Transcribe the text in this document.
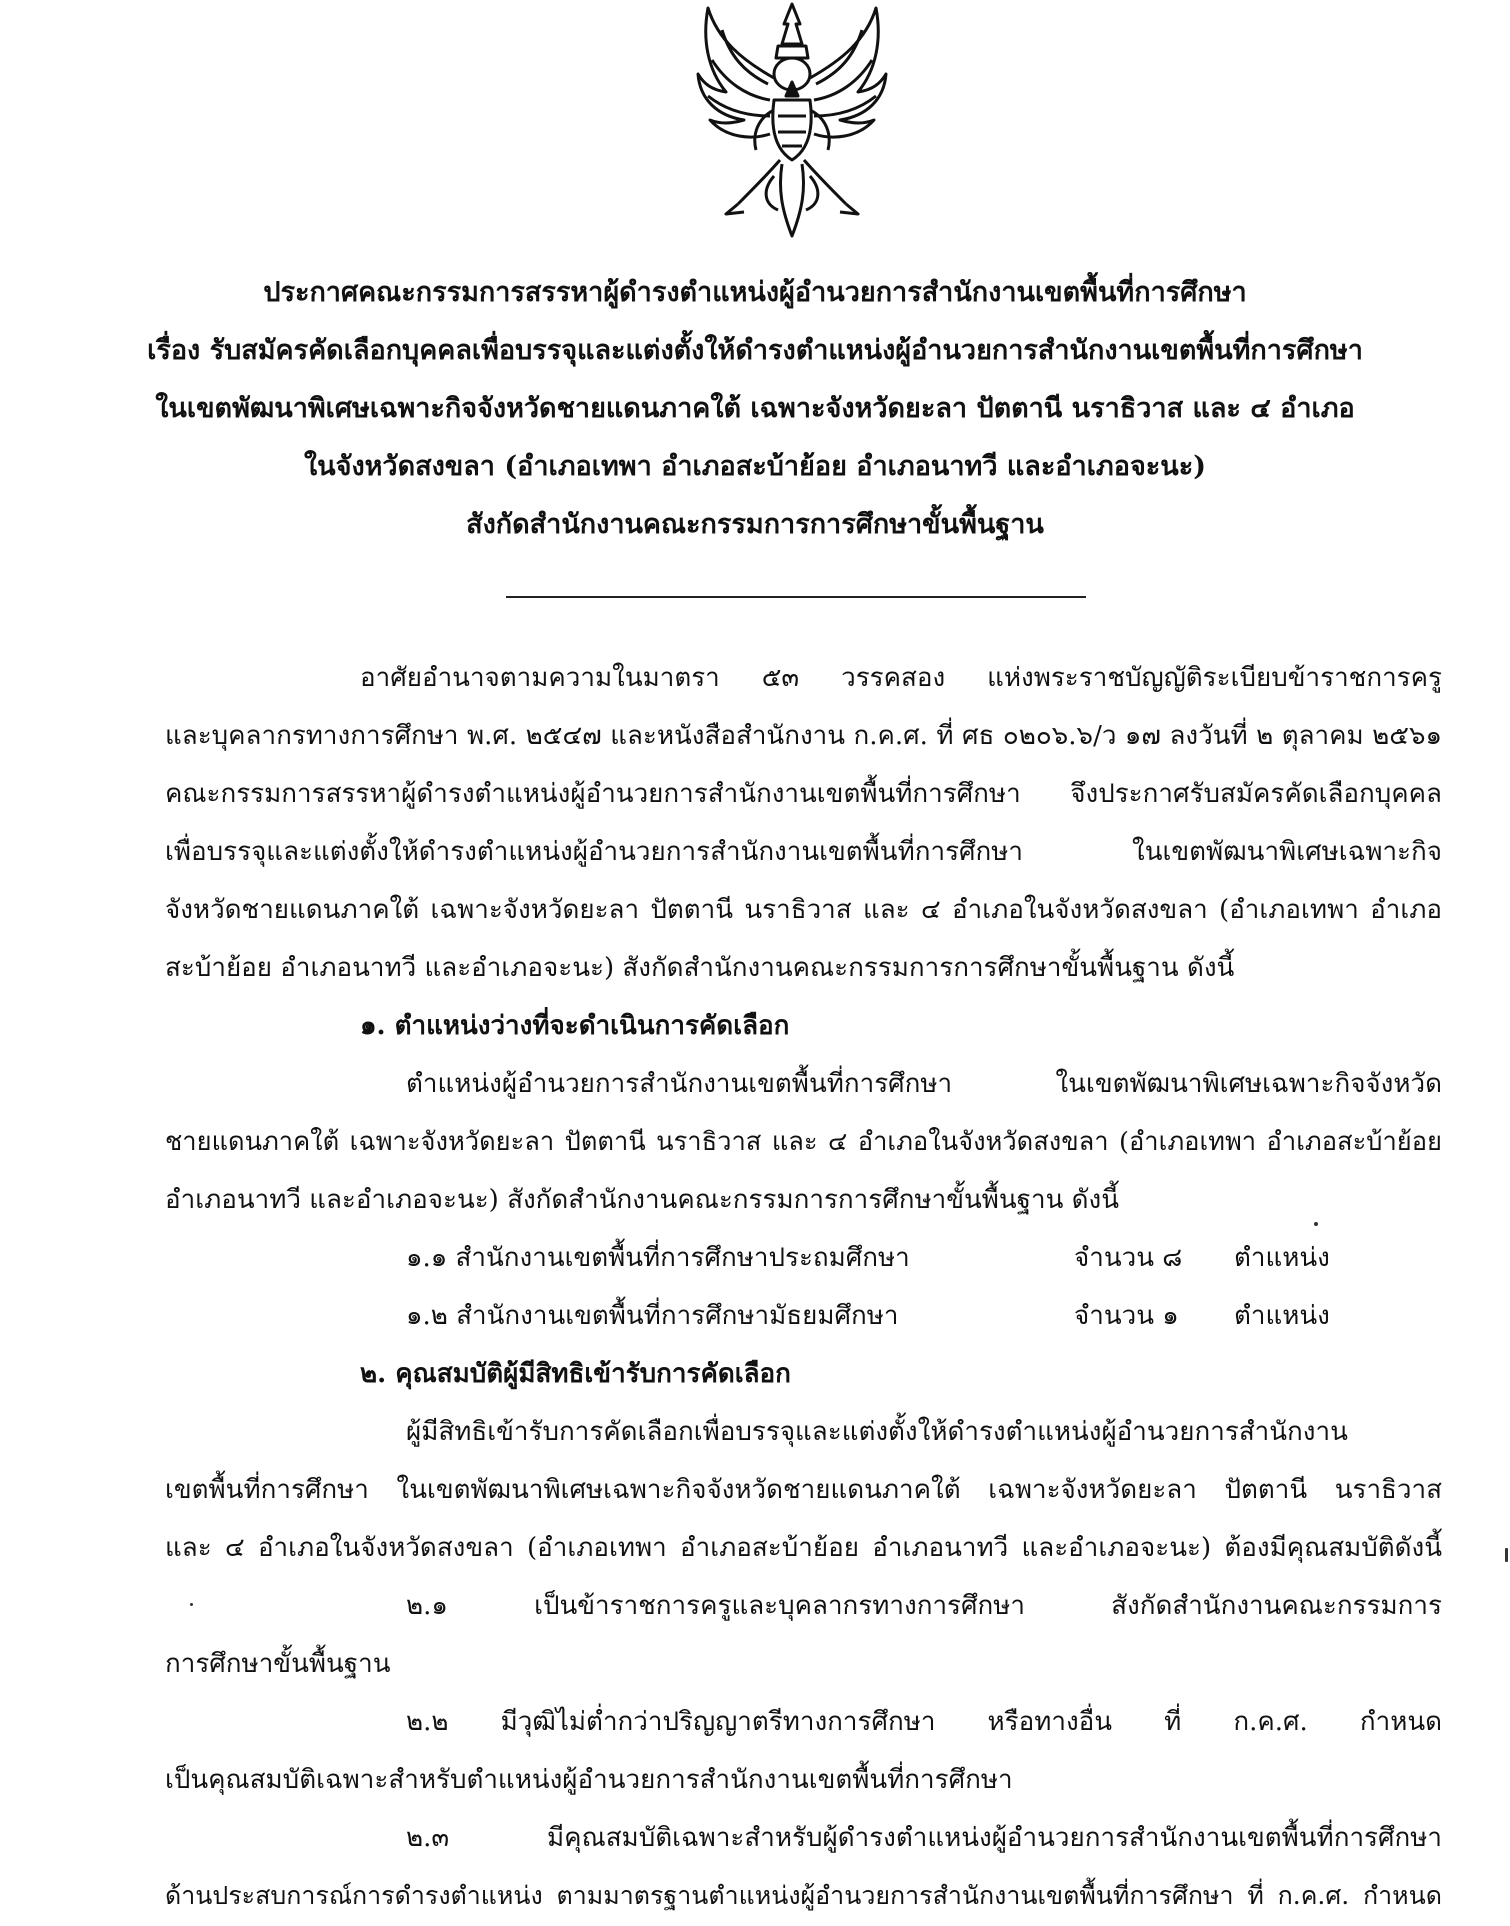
ประกาศคณะกรรมการสรรหาผู้ดำรงตำแหน่งผู้อำนวยการสำนักงานเขตพื้นที่การศึกษา
เรื่อง รับสมัครคัดเลือกบุคคลเพื่อบรรจุและแต่งตั้งให้ดำรงตำแหน่งผู้อำนวยการสำนักงานเขตพื้นที่การศึกษา
ในเขตพัฒนาพิเศษเฉพาะกิจจังหวัดชายแดนภาคใต้ เฉพาะจังหวัดยะลา ปัตตานี นราธิวาส และ ๔ อำเภอ
ในจังหวัดสงขลา (อำเภอเทพา อำเภอสะบ้าย้อย อำเภอนาทวี และอำเภอจะนะ)
สังกัดสำนักงานคณะกรรมการการศึกษาขั้นพื้นฐาน
อาศัยอำนาจตามความในมาตรา ๕๓ วรรคสอง แห่งพระราชบัญญัติระเบียบข้าราชการครู
และบุคลากรทางการศึกษา พ.ศ. ๒๕๔๗ และหนังสือสำนักงาน ก.ค.ศ. ที่ ศธ ๐๒๐๖.๖/ว ๑๗ ลงวันที่ ๒ ตุลาคม ๒๕๖๑
คณะกรรมการสรรหาผู้ดำรงตำแหน่งผู้อำนวยการสำนักงานเขตพื้นที่การศึกษา จึงประกาศรับสมัครคัดเลือกบุคคล
เพื่อบรรจุและแต่งตั้งให้ดำรงตำแหน่งผู้อำนวยการสำนักงานเขตพื้นที่การศึกษา ในเขตพัฒนาพิเศษเฉพาะกิจ
จังหวัดชายแดนภาคใต้ เฉพาะจังหวัดยะลา ปัตตานี นราธิวาส และ ๔ อำเภอในจังหวัดสงขลา (อำเภอเทพา อำเภอ
สะบ้าย้อย อำเภอนาทวี และอำเภอจะนะ) สังกัดสำนักงานคณะกรรมการการศึกษาขั้นพื้นฐาน ดังนี้
๑. ตำแหน่งว่างที่จะดำเนินการคัดเลือก
ตำแหน่งผู้อำนวยการสำนักงานเขตพื้นที่การศึกษา ในเขตพัฒนาพิเศษเฉพาะกิจจังหวัด
ชายแดนภาคใต้ เฉพาะจังหวัดยะลา ปัตตานี นราธิวาส และ ๔ อำเภอในจังหวัดสงขลา (อำเภอเทพา อำเภอสะบ้าย้อย
อำเภอนาทวี และอำเภอจะนะ) สังกัดสำนักงานคณะกรรมการการศึกษาขั้นพื้นฐาน ดังนี้
๑.๑ สำนักงานเขตพื้นที่การศึกษาประถมศึกษา	จำนวน ๘ ตำแหน่ง
๑.๒ สำนักงานเขตพื้นที่การศึกษามัธยมศึกษา	จำนวน ๑ ตำแหน่ง
๒. คุณสมบัติผู้มีสิทธิเข้ารับการคัดเลือก
ผู้มีสิทธิเข้ารับการคัดเลือกเพื่อบรรจุและแต่งตั้งให้ดำรงตำแหน่งผู้อำนวยการสำนักงาน
เขตพื้นที่การศึกษา ในเขตพัฒนาพิเศษเฉพาะกิจจังหวัดชายแดนภาคใต้ เฉพาะจังหวัดยะลา ปัตตานี นราธิวาส
และ ๔ อำเภอในจังหวัดสงขลา (อำเภอเทพา อำเภอสะบ้าย้อย อำเภอนาทวี และอำเภอจะนะ) ต้องมีคุณสมบัติดังนี้
๒.๑ เป็นข้าราชการครูและบุคลากรทางการศึกษา สังกัดสำนักงานคณะกรรมการ
การศึกษาขั้นพื้นฐาน
๒.๒ มีวุฒิไม่ต่ำกว่าปริญญาตรีทางการศึกษา หรือทางอื่น ที่ ก.ค.ศ. กำหนด
เป็นคุณสมบัติเฉพาะสำหรับตำแหน่งผู้อำนวยการสำนักงานเขตพื้นที่การศึกษา
๒.๓ มีคุณสมบัติเฉพาะสำหรับผู้ดำรงตำแหน่งผู้อำนวยการสำนักงานเขตพื้นที่การศึกษา
ด้านประสบการณ์การดำรงตำแหน่ง ตามมาตรฐานตำแหน่งผู้อำนวยการสำนักงานเขตพื้นที่การศึกษา ที่ ก.ค.ศ. กำหนด
